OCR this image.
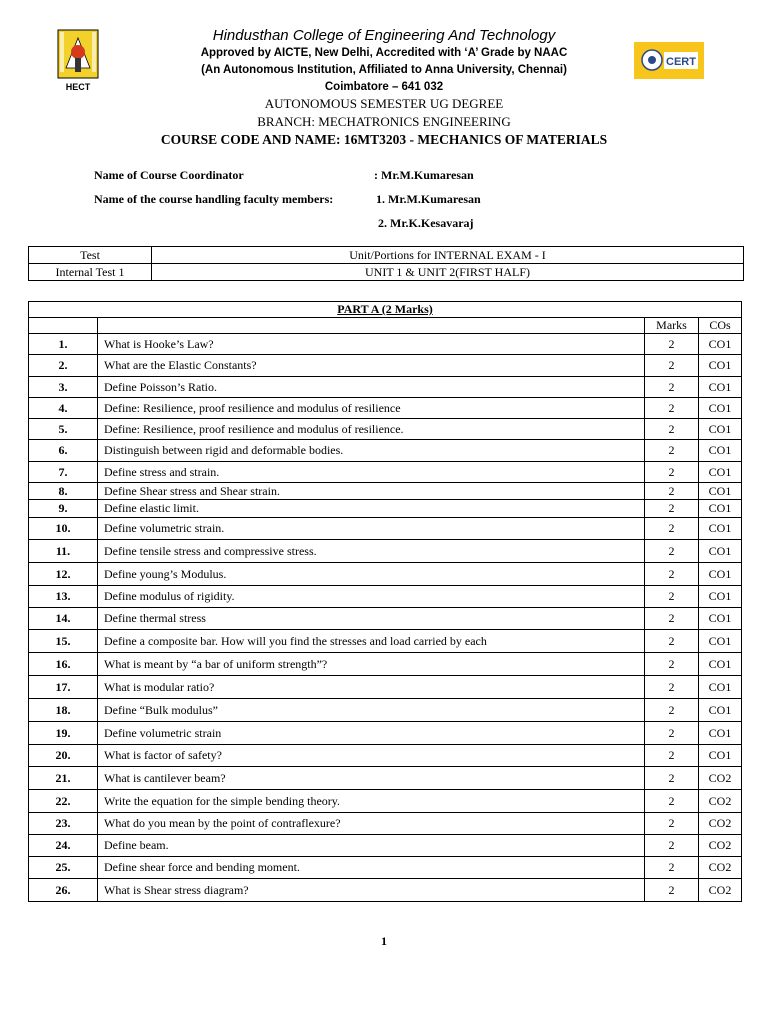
HECT
CERT
Hindusthan College of Engineering And Technology
Approved by AICTE, New Delhi, Accredited with ‘A’ Grade by NAAC
(An Autonomous Institution, Affiliated to Anna University, Chennai)
Coimbatore – 641 032
AUTONOMOUS SEMESTER UG DEGREE
BRANCH: MECHATRONICS ENGINEERING
COURSE CODE AND NAME: 16MT3203 - MECHANICS OF MATERIALS
Name of Course Coordinator	: Mr.M.Kumaresan
Name of the course handling faculty members:	1. Mr.M.Kumaresan
2. Mr.K.Kesavaraj
Test	Unit/Portions for INTERNAL EXAM - I
Internal Test 1	UNIT 1 & UNIT 2(FIRST HALF)
PART A (2 Marks)			
		Marks	COs
1.	What is Hooke’s Law?	2	CO1
2.	What are the Elastic Constants?	2	CO1
3.	Define Poisson’s Ratio.	2	CO1
4.	Define: Resilience, proof resilience and modulus of resilience	2	CO1
5.	Define: Resilience, proof resilience and modulus of resilience.	2	CO1
6.	Distinguish between rigid and deformable bodies.	2	CO1
7.	Define stress and strain.	2	CO1
8.	Define Shear stress and Shear strain.	2	CO1
9.	Define elastic limit.	2	CO1
10.	Define volumetric strain.	2	CO1
11.	Define tensile stress and compressive stress.	2	CO1
12.	Define young’s Modulus.	2	CO1
13.	Define modulus of rigidity.	2	CO1
14.	Define thermal stress	2	CO1
15.	Define a composite bar. How will you find the stresses and load carried by each	2	CO1
16.	What is meant by “a bar of uniform strength”?	2	CO1
17.	What is modular ratio?	2	CO1
18.	Define “Bulk modulus”	2	CO1
19.	Define volumetric strain	2	CO1
20.	What is factor of safety?	2	CO1
21.	What is cantilever beam?	2	CO2
22.	Write the equation for the simple bending theory.	2	CO2
23.	What do you mean by the point of contraflexure?	2	CO2
24.	Define beam.	2	CO2
25.	Define shear force and bending moment.	2	CO2
26.	What is Shear stress diagram?	2	CO2
1
